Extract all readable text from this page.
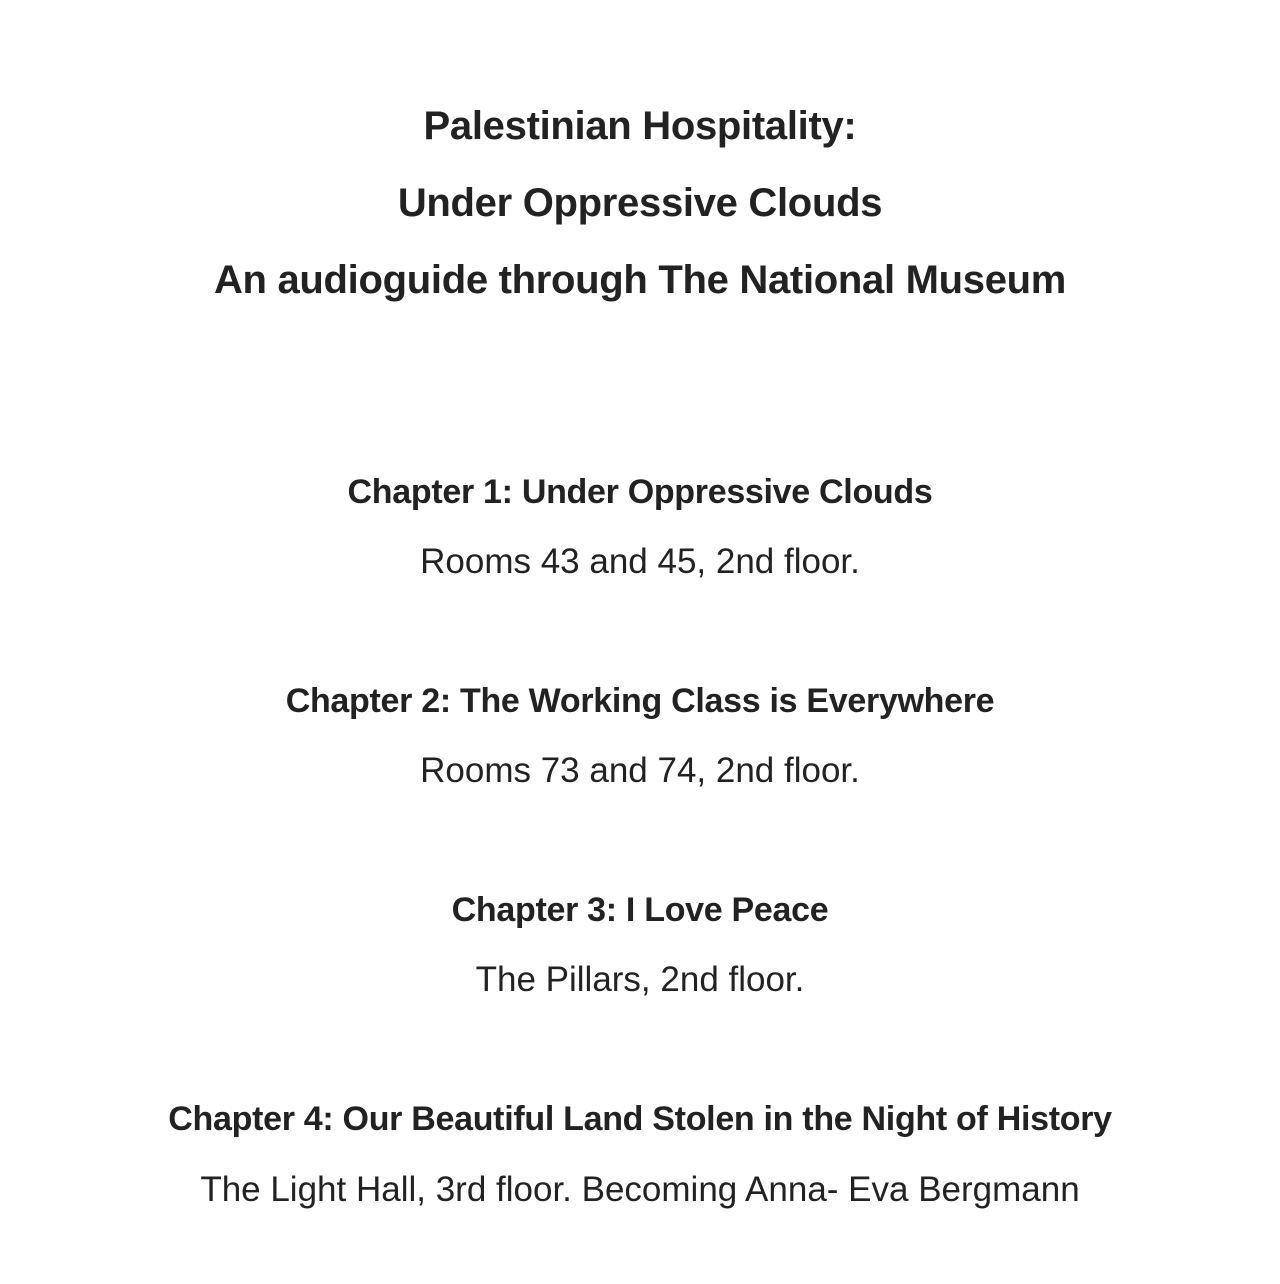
Palestinian Hospitality:
Under Oppressive Clouds
An audioguide through The National Museum
Chapter 1: Under Oppressive Clouds
Rooms 43 and 45, 2nd floor.
Chapter 2: The Working Class is Everywhere
Rooms 73 and 74, 2nd floor.
Chapter 3: I Love Peace
The Pillars, 2nd floor.
Chapter 4: Our Beautiful Land Stolen in the Night of History
The Light Hall, 3rd floor. Becoming Anna- Eva Bergmann
